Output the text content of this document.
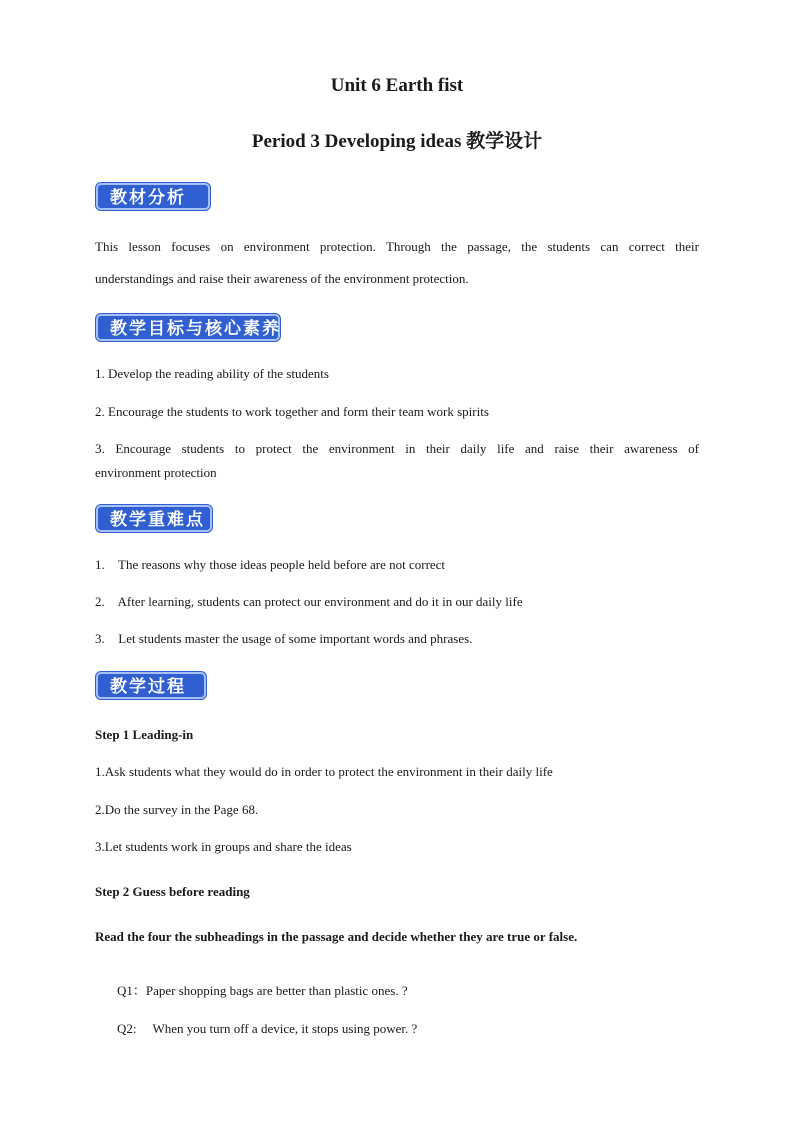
Unit 6 Earth fist
Period 3 Developing ideas 教学设计
教材分析
This lesson focuses on environment protection. Through the passage, the students can correct their
understandings and raise their awareness of the environment protection.
教学目标与核心素养
1. Develop the reading ability of the students
2. Encourage the students to work together and form their team work spirits
3. Encourage students to protect the environment in their daily life and raise their awareness of
environment protection
教学重难点
1. The reasons why those ideas people held before are not correct
2. After learning, students can protect our environment and do it in our daily life
3. Let students master the usage of some important words and phrases.
教学过程
Step 1 Leading-in
1.Ask students what they would do in order to protect the environment in their daily life
2.Do the survey in the Page 68.
3.Let students work in groups and share the ideas
Step 2 Guess before reading
Read the four the subheadings in the passage and decide whether they are true or false.
Q1：Paper shopping bags are better than plastic ones. ?
Q2:     When you turn off a device, it stops using power. ?
